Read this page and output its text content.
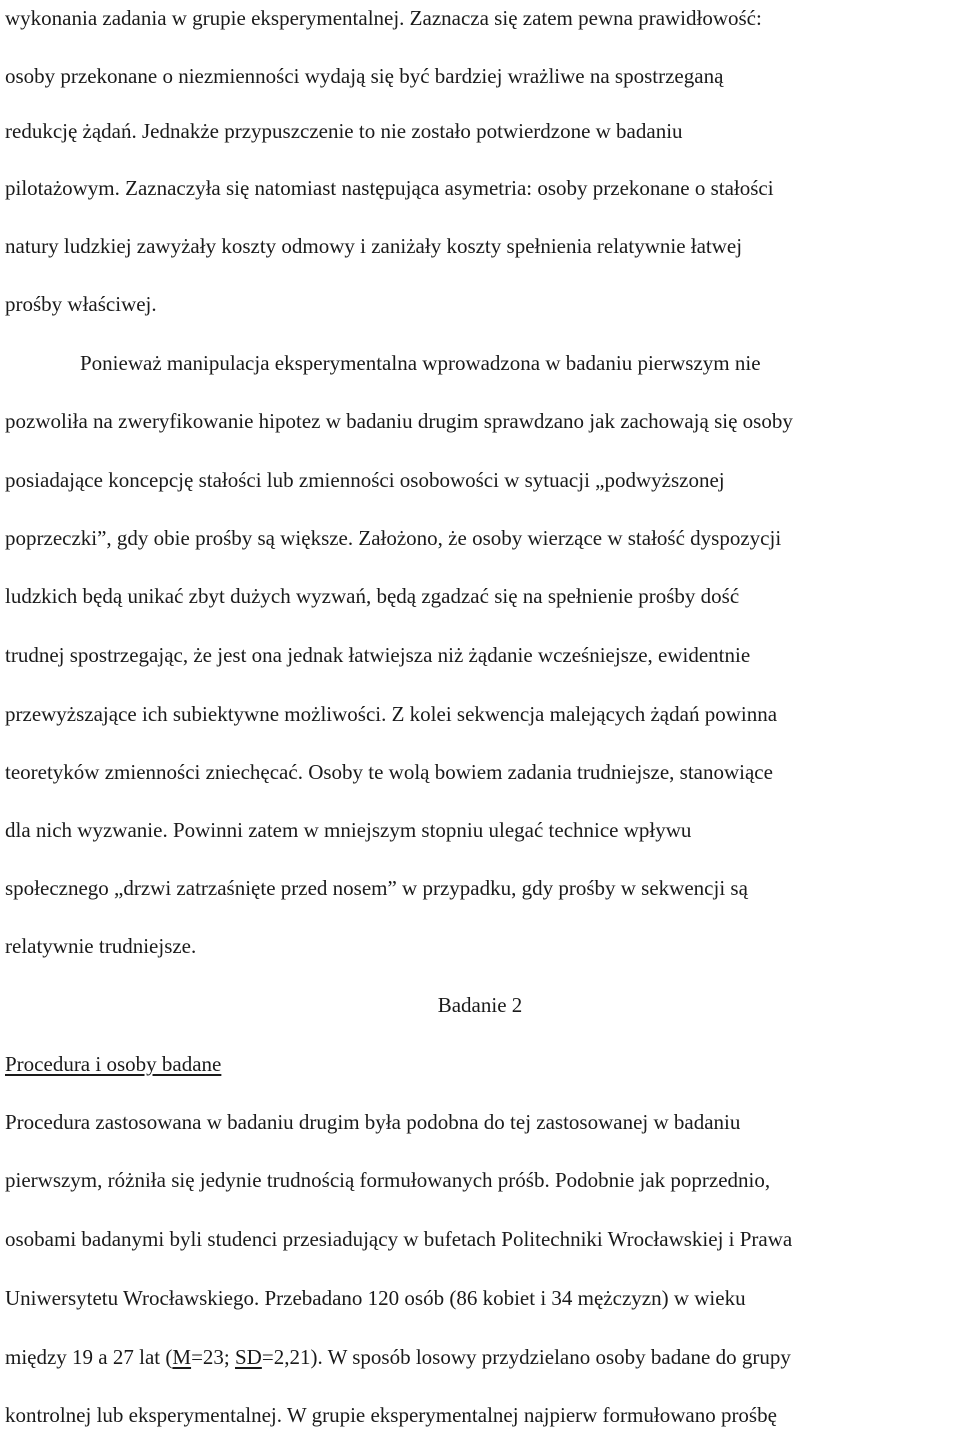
wykonania zadania w grupie eksperymentalnej. Zaznacza się zatem pewna prawidłowość:
osoby przekonane o niezmienności wydają się być bardziej wrażliwe na spostrzeganą
redukcję żądań. Jednakże przypuszczenie to nie zostało potwierdzone w badaniu
pilotażowym. Zaznaczyła się natomiast następująca asymetria: osoby przekonane o stałości
natury ludzkiej zawyżały koszty odmowy i zaniżały koszty spełnienia relatywnie łatwej
prośby właściwej.
Ponieważ manipulacja eksperymentalna wprowadzona w badaniu pierwszym nie
pozwoliła na zweryfikowanie hipotez w badaniu drugim sprawdzano jak zachowają się osoby
posiadające koncepcję stałości lub zmienności osobowości w sytuacji „podwyższonej
poprzeczki”, gdy obie prośby są większe. Założono, że osoby wierzące w stałość dyspozycji
ludzkich będą unikać zbyt dużych wyzwań, będą zgadzać się na spełnienie prośby dość
trudnej spostrzegając, że jest ona jednak łatwiejsza niż żądanie wcześniejsze, ewidentnie
przewyższające ich subiektywne możliwości. Z kolei sekwencja malejących żądań powinna
teoretyków zmienności zniechęcać. Osoby te wolą bowiem zadania trudniejsze, stanowiące
dla nich wyzwanie. Powinni zatem w mniejszym stopniu ulegać technice wpływu
społecznego „drzwi zatrzaśnięte przed nosem” w przypadku, gdy prośby w sekwencji są
relatywnie trudniejsze.
Badanie 2
Procedura i osoby badane
Procedura zastosowana w badaniu drugim była podobna do tej zastosowanej w badaniu
pierwszym, różniła się jedynie trudnością formułowanych próśb. Podobnie jak poprzednio,
osobami badanymi byli studenci przesiadujący w bufetach Politechniki Wrocławskiej i Prawa
Uniwersytetu Wrocławskiego. Przebadano 120 osób (86 kobiet i 34 mężczyzn) w wieku
między 19 a 27 lat (M=23; SD=2,21). W sposób losowy przydzielano osoby badane do grupy
kontrolnej lub eksperymentalnej. W grupie eksperymentalnej najpierw formułowano prośbę
